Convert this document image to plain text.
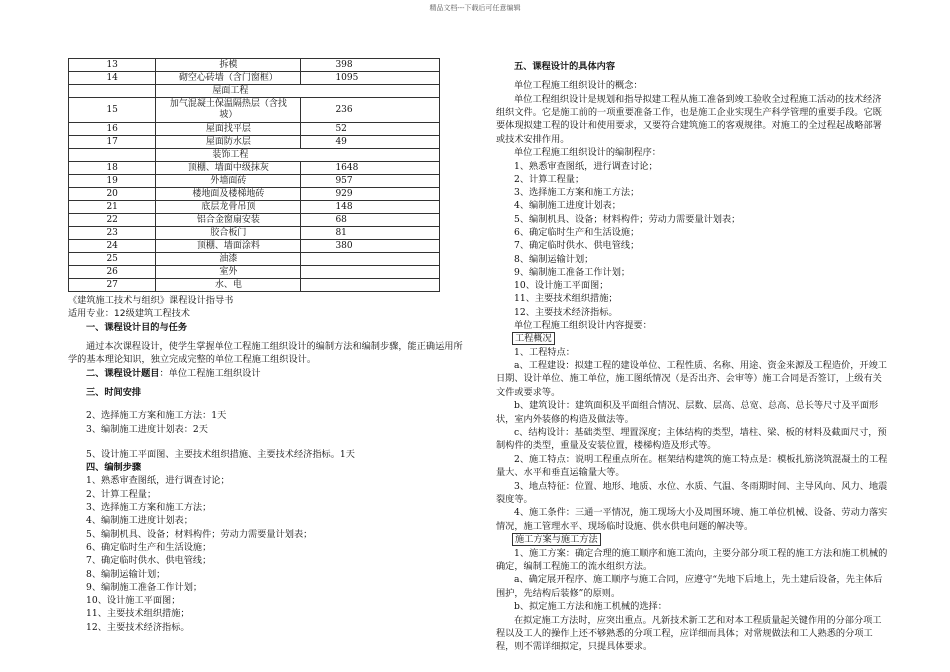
精品文档---下载后可任意编辑
13	拆模	398
14	砌空心砖墙（含门窗框）	1095
	屋面工程	
15	加气混凝土保温隔热层（含找坡）	236
16	屋面找平层	52
17	屋面防水层	49
	装饰工程	
18	顶棚、墙面中级抹灰	1648
19	外墙面砖	957
20	楼地面及楼梯地砖	929
21	底层龙骨吊顶	148
22	铝合金窗扇安装	68
23	胶合板门	81
24	顶棚、墙面涂料	380
25	油漆	
26	室外	
27	水、电	
《建筑施工技术与组织》课程设计指导书
适用专业：12级建筑工程技术
一、课程设计目的与任务

通过本次课程设计，使学生掌握单位工程施工组织设计的编制方法和编制步骤，能正确运用所学的基本理论知识，独立完成完整的单位工程施工组织设计。

二、课程设计题目：单位工程施工组织设计
三、时间安排
2、选择施工方案和施工方法：1天
3、编制施工进度计划表：2天
5、设计施工平面图、主要技术组织措施、主要技术经济指标。1天
四、编制步骤
1、熟悉审查图纸，进行调查讨论；
2、计算工程量；
3、选择施工方案和施工方法；
4、编制施工进度计划表；
5、编制机具、设备；材料构件；劳动力需要量计划表；
6、确定临时生产和生活设施；
7、确定临时供水、供电管线；
8、编制运输计划；
9、编制施工准备工作计划；
10、设计施工平面图；
11、主要技术组织措施；
12、主要技术经济指标。
五、课程设计的具体内容
单位工程施工组织设计的概念：

单位工程组织设计是规划和指导拟建工程从施工准备到竣工验收全过程施工活动的技术经济组织文件。它是施工前的一项重要准备工作，也是施工企业实现生产科学管理的重要手段。它既要体现拟建工程的设计和使用要求，又要符合建筑施工的客观规律。对施工的全过程起战略部署或技术安排作用。

单位工程施工组织设计的编制程序：
1、熟悉审查图纸，进行调查讨论；
2、计算工程量；
3、选择施工方案和施工方法；
4、编制施工进度计划表；
5、编制机具、设备；材料构件；劳动力需要量计划表；
6、确定临时生产和生活设施；
7、确定临时供水、供电管线；
8、编制运输计划；
9、编制施工准备工作计划；
10、设计施工平面图；
11、主要技术组织措施；
12、主要技术经济指标。
单位工程施工组织设计内容提要：
工程概况
1、工程特点：

a、工程建设：拟建工程的建设单位、工程性质、名称、用途、资金来源及工程造价，开竣工日期、设计单位、施工单位，施工图纸情况（是否出齐、会审等）施工合同是否签订，上级有关文件或要求等。

b、建筑设计：建筑面积及平面组合情况、层数、层高、总宽、总高、总长等尺寸及平面形状，室内外装修的构造及做法等。

c、结构设计：基础类型、埋置深度；主体结构的类型，墙柱、梁、板的材料及截面尺寸，预制构件的类型，重量及安装位置，楼梯构造及形式等。

2、施工特点：说明工程重点所在。框架结构建筑的施工特点是：模板扎筋浇筑混凝土的工程量大、水平和垂直运输量大等。

3、地点特征：位置、地形、地质、水位、水质、气温、冬雨期时间、主导风向、风力、地震裂度等。

4、施工条件：三通一平情况，施工现场大小及周围环境、施工单位机械、设备、劳动力落实情况，施工管理水平、现场临时设施、供水供电问题的解决等。

施工方案与施工方法

1、施工方案：确定合理的施工顺序和施工流向，主要分部分项工程的施工方法和施工机械的确定，编制工程施工的流水组织方法。

a、确定展开程序、施工顺序与施工合同，应遵守“先地下后地上，先土建后设备，先主体后围护，先结构后装修”的原则。

b、拟定施工方法和施工机械的选择：

在拟定施工方法时，应突出重点。凡新技术新工艺和对本工程质量起关键作用的分部分项工程以及工人的操作上还不够熟悉的分项工程，应详细而具体；对常规做法和工人熟悉的分项工程，则不需详细拟定，只提具体要求。
